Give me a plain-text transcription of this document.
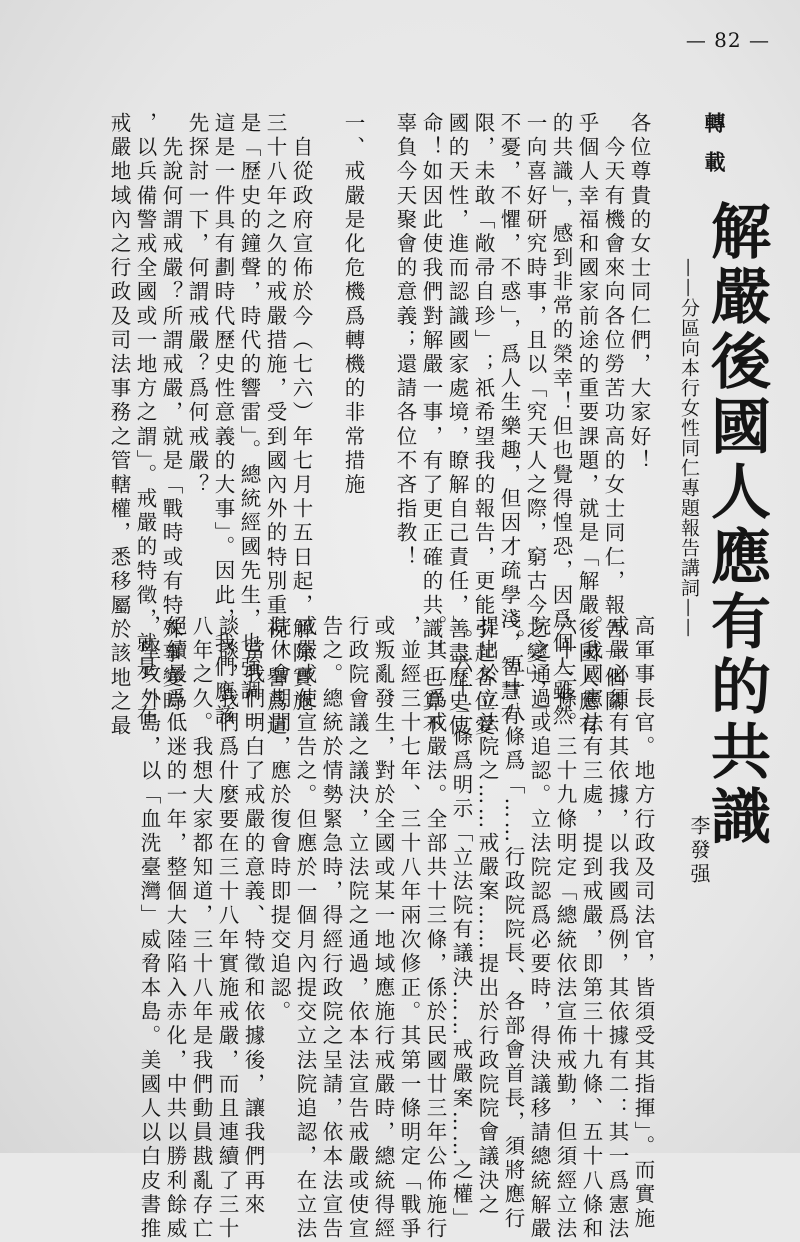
— 82 —
轉載
解嚴後國人應有的共識
——分區向本行女性同仁專題報告講詞——
李發强
各位尊貴的女士同仁們，大家好！
　今天有機會來向各位勞苦功高的女士同仁，報告一個關
乎個人幸福和國家前途的重要課題，就是「解嚴後國人應有
的共識」，感到非常的榮幸！但也覺得惶恐，因爲個人雖然
一向喜好研究時事，且以「究天人之際，窮古今之變」，「
不憂，不懼，不惑」，爲人生樂趣，但因才疏學淺，智慧有
限，未敢「敞帚自珍」；祇希望我的報告，更能引起各位愛
國的天性，進而認識國家處境，瞭解自己責任，善盡歷史使
命！如因此使我們對解嚴一事，有了更正確的共識，也算不
辜負今天聚會的意義；還請各位不吝指教！
一、戒嚴是化危機爲轉機的非常措施
　自從政府宣佈於今（七六）年七月十五日起，解除實施
三十八年之久的戒嚴措施，受到國內外的特別重視，譽爲這
是「歷史的鐘聲，時代的響雷」。總統經國先生，也強調「
這是一件具有劃時代歷史性意義的大事」。因此，我們應該
先探討一下，何謂戒嚴？爲何戒嚴？
　先說何謂戒嚴？所謂戒嚴，就是「戰時或有特殊事變時
，以兵備警戒全國或一地方之謂」。戒嚴的特徵，就是「在
戒嚴地域內之行政及司法事務之管轄權，悉移屬於該地之最
高軍事長官。地方行政及司法官，皆須受其指揮」。而實施
戒嚴必須有其依據，以我國爲例，其依據有二：其一爲憲法
。我國憲法有三處，提到戒嚴，即第三十九條、五十八條和
六十三條。三十九條明定「總統依法宣佈戒勤，但須經立法
院之通過或追認。立法院認爲必要時，得決議移請總統解嚴
」。五十八條爲「……行政院院長、各部會首長，須將應行
提出於立法院之……戒嚴案……提出於行政院院會議決之
」。六十三條爲明示「立法院有議決……戒嚴案……之權」
。其二爲戒嚴法。全部共十三條，係於民國廿三年公佈施行
，並經三十七年、三十八年兩次修正。其第一條明定「戰爭
或叛亂發生，對於全國或某一地域應施行戒嚴時，總統得經
行政院會議之議決，立法院之通過，依本法宣告戒嚴或使宣
告之。總統於情勢緊急時，得經行政院之呈請，依本法宣告
戒嚴或使宣告之。但應於一個月內提交立法院追認，在立法
院休會期間，應於復會時即提交追認。
　當我們明白了戒嚴的意義、特徵和依據後，讓我們再來
談談，我們爲什麼要在三十八年實施戒嚴，而且連續了三十
八年之久。我想大家都知道，三十八年是我們動員戡亂存亡
絕續最爲低迷的一年，整個大陸陷入赤化，中共以勝利餘威
，堅攻外島，以「血洗臺灣」威脅本島。美國人以白皮書推
